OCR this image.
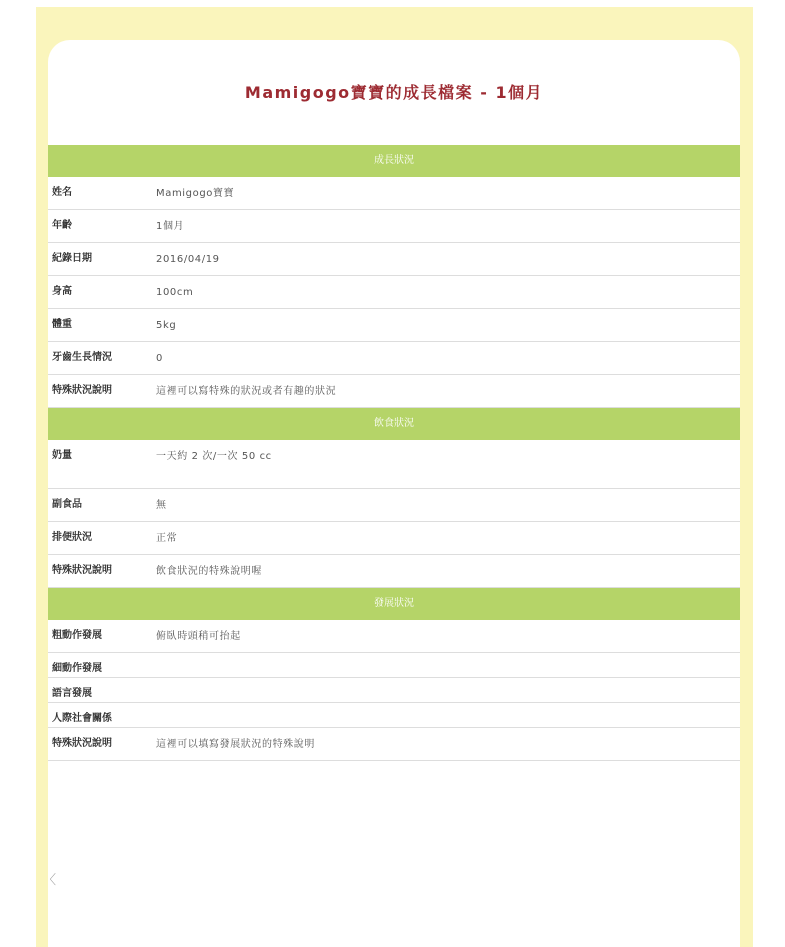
Mamigogo寶寶的成長檔案 - 1個月
成長狀況
姓名	Mamigogo寶寶
年齡	1個月
紀錄日期	2016/04/19
身高	100cm
體重	5kg
牙齒生長情況	0
特殊狀況說明	這裡可以寫特殊的狀況或者有趣的狀況
飲食狀況
奶量	一天約 2 次/一次 50 cc
副食品	無
排便狀況	正常
特殊狀況說明	飲食狀況的特殊說明喔
發展狀況
粗動作發展	俯臥時頭稍可抬起
細動作發展
語言發展
人際社會關係
特殊狀況說明	這裡可以填寫發展狀況的特殊說明
〈
